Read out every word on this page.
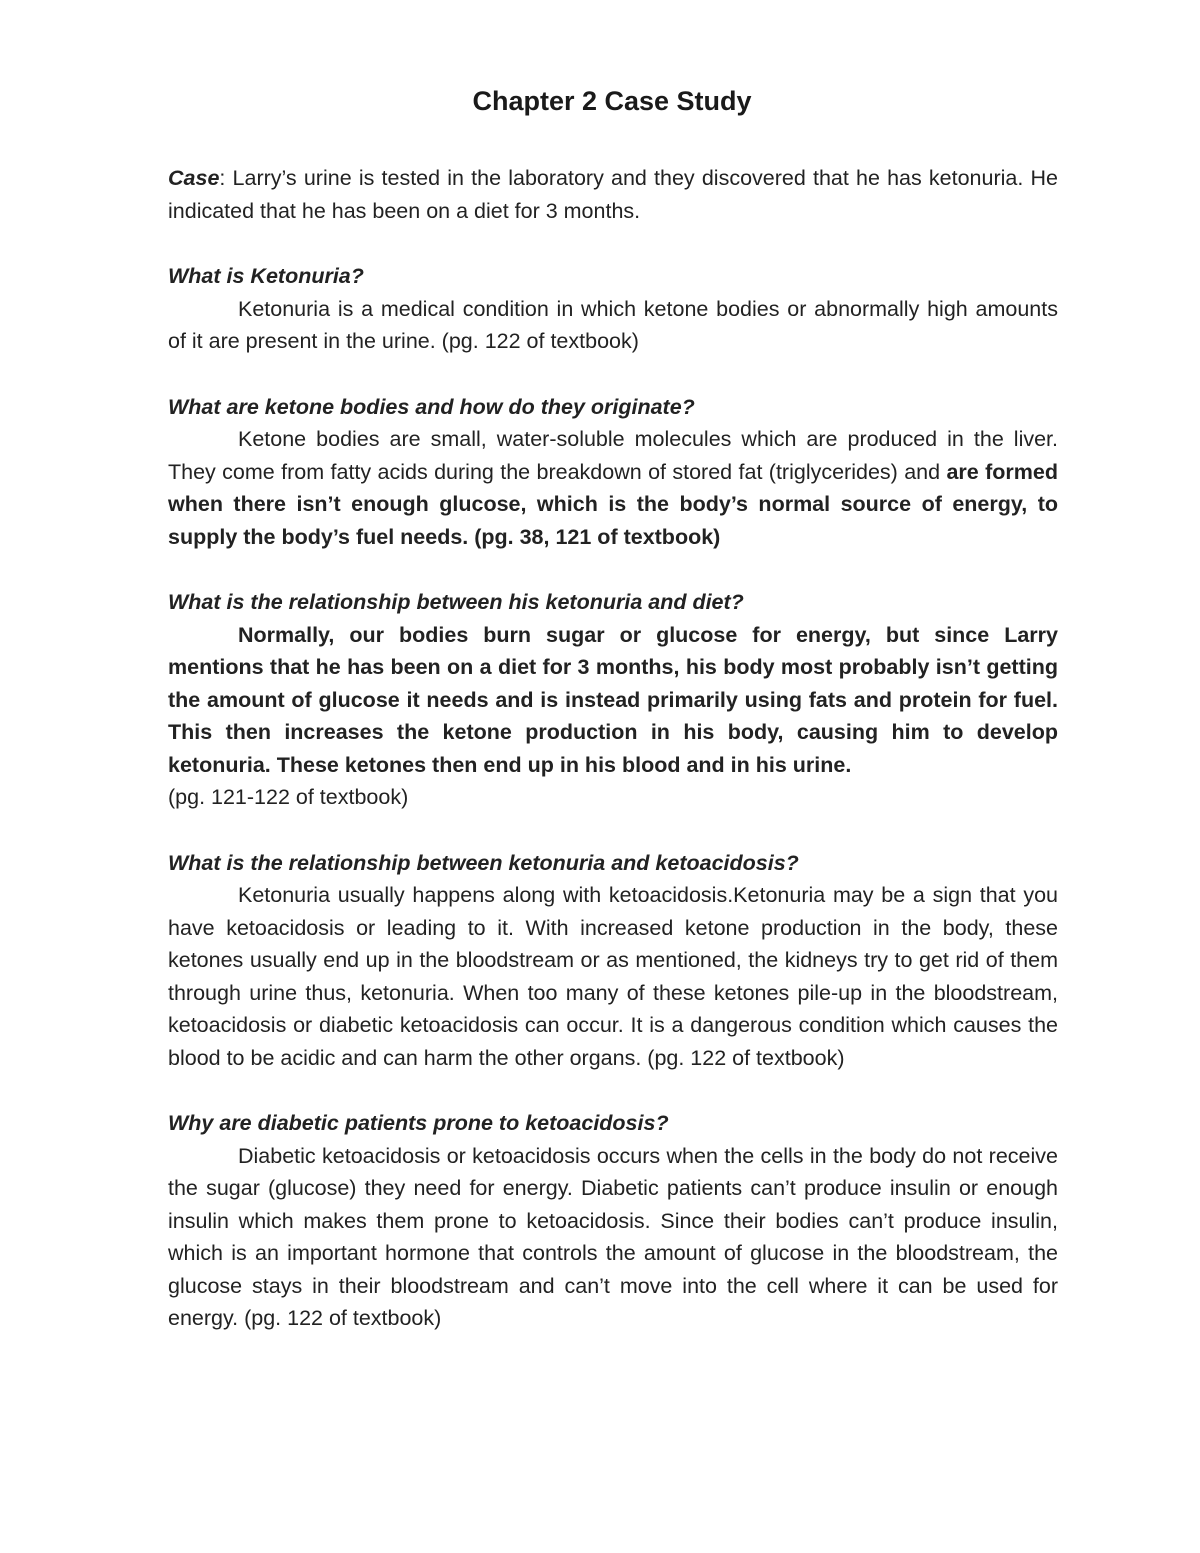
Chapter 2 Case Study

Case: Larry’s urine is tested in the laboratory and they discovered that he has ketonuria. He indicated that he has been on a diet for 3 months.

What is Ketonuria?

Ketonuria is a medical condition in which ketone bodies or abnormally high amounts of it are present in the urine. (pg. 122 of textbook)

What are ketone bodies and how do they originate?

Ketone bodies are small, water-soluble molecules which are produced in the liver. They come from fatty acids during the breakdown of stored fat (triglycerides) and are formed when there isn’t enough glucose, which is the body’s normal source of energy, to supply the body’s fuel needs. (pg. 38, 121 of textbook)

What is the relationship between his ketonuria and diet?

Normally, our bodies burn sugar or glucose for energy, but since Larry mentions that he has been on a diet for 3 months, his body most probably isn’t getting the amount of glucose it needs and is instead primarily using fats and protein for fuel. This then increases the ketone production in his body, causing him to develop ketonuria. These ketones then end up in his blood and in his urine.

(pg. 121-122 of textbook)

What is the relationship between ketonuria and ketoacidosis?

Ketonuria usually happens along with ketoacidosis.Ketonuria may be a sign that you have ketoacidosis or leading to it. With increased ketone production in the body, these ketones usually end up in the bloodstream or as mentioned, the kidneys try to get rid of them through urine thus, ketonuria. When too many of these ketones pile-up in the bloodstream, ketoacidosis or diabetic ketoacidosis can occur. It is a dangerous condition which causes the blood to be acidic and can harm the other organs. (pg. 122 of textbook)

Why are diabetic patients prone to ketoacidosis?

Diabetic ketoacidosis or ketoacidosis occurs when the cells in the body do not receive the sugar (glucose) they need for energy. Diabetic patients can’t produce insulin or enough insulin which makes them prone to ketoacidosis. Since their bodies can’t produce insulin, which is an important hormone that controls the amount of glucose in the bloodstream, the glucose stays in their bloodstream and can’t move into the cell where it can be used for energy. (pg. 122 of textbook)
